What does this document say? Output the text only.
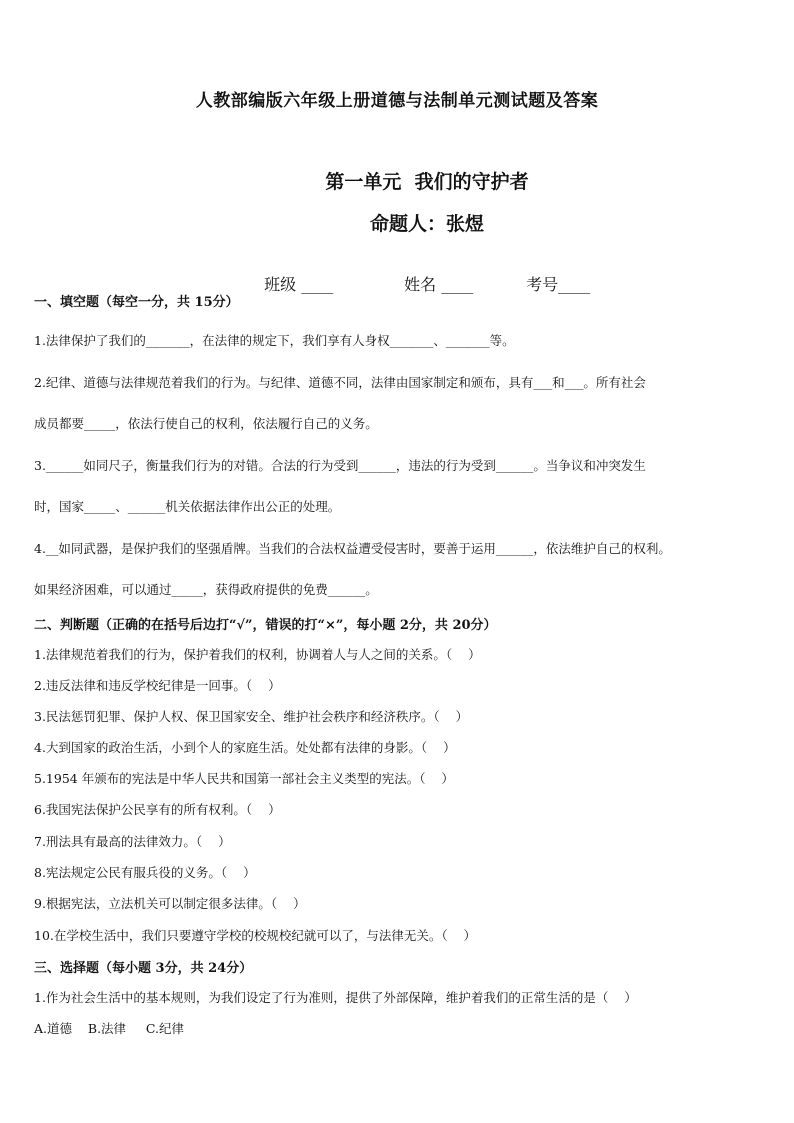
人教部编版六年级上册道德与法制单元测试题及答案
第一单元  我们的守护者
命题人：张煜

班级 ____	姓名 ____	考号____

一、填空题（每空一分，共 15分）
1.法律保护了我们的_______，在法律的规定下，我们享有人身权_______、_______等。
2.纪律、道德与法律规范着我们的行为。与纪律、道德不同，法律由国家制定和颁布，具有___和___。所有社会
成员都要_____，依法行使自己的权利，依法履行自己的义务。
3.______如同尺子，衡量我们行为的对错。合法的行为受到______，违法的行为受到______。当争议和冲突发生
时，国家_____、______机关依据法律作出公正的处理。
4.__如同武器，是保护我们的坚强盾牌。当我们的合法权益遭受侵害时，要善于运用______，依法维护自己的权利。
如果经济困难，可以通过_____，获得政府提供的免费______。
二、判断题（正确的在括号后边打“√”，错误的打“×”，每小题 2分，共 20分）
1.法律规范着我们的行为，保护着我们的权利，协调着人与人之间的关系。（    ）
2.违反法律和违反学校纪律是一回事。（    ）
3.民法惩罚犯罪、保护人权、保卫国家安全、维护社会秩序和经济秩序。（    ）
4.大到国家的政治生活，小到个人的家庭生活。处处都有法律的身影。（    ）
5.1954 年颁布的宪法是中华人民共和国第一部社会主义类型的宪法。（    ）
6.我国宪法保护公民享有的所有权利。（    ）
7.刑法具有最高的法律效力。（    ）
8.宪法规定公民有服兵役的义务。（    ）
9.根据宪法，立法机关可以制定很多法律。（    ）
10.在学校生活中，我们只要遵守学校的校规校纪就可以了，与法律无关。（    ）
三、选择题（每小题 3分，共 24分）
1.作为社会生活中的基本规则，为我们设定了行为准则，提供了外部保障，维护着我们的正常生活的是（    ）
A.道德    B.法律     C.纪律
